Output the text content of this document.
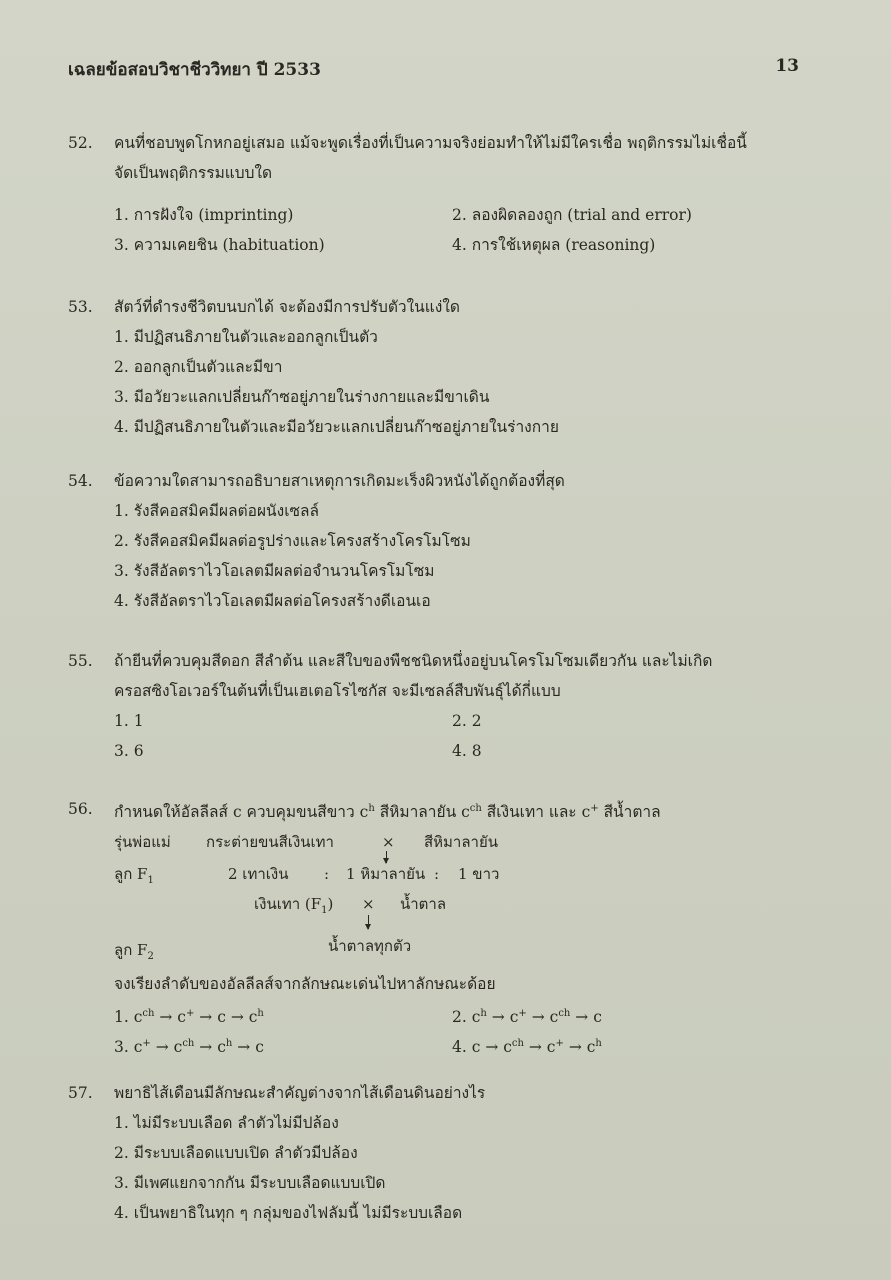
เฉลยข้อสอบวิชาชีววิทยา ปี 2533	13
52. คนที่ชอบพูดโกหกอยู่เสมอ แม้จะพูดเรื่องที่เป็นความจริงย่อมทำให้ไม่มีใครเชื่อ พฤติกรรมไม่เชื่อนี้
จัดเป็นพฤติกรรมแบบใด
1. การฝังใจ (imprinting)	2. ลองผิดลองถูก (trial and error)
3. ความเคยชิน (habituation)	4. การใช้เหตุผล (reasoning)
53. สัตว์ที่ดำรงชีวิตบนบกได้ จะต้องมีการปรับตัวในแง่ใด
1. มีปฏิสนธิภายในตัวและออกลูกเป็นตัว
2. ออกลูกเป็นตัวและมีขา
3. มีอวัยวะแลกเปลี่ยนก๊าซอยู่ภายในร่างกายและมีขาเดิน
4. มีปฏิสนธิภายในตัวและมีอวัยวะแลกเปลี่ยนก๊าซอยู่ภายในร่างกาย
54. ข้อความใดสามารถอธิบายสาเหตุการเกิดมะเร็งผิวหนังได้ถูกต้องที่สุด
1. รังสีคอสมิคมีผลต่อผนังเซลล์
2. รังสีคอสมิคมีผลต่อรูปร่างและโครงสร้างโครโมโซม
3. รังสีอัลตราไวโอเลตมีผลต่อจำนวนโครโมโซม
4. รังสีอัลตราไวโอเลตมีผลต่อโครงสร้างดีเอนเอ
55. ถ้ายีนที่ควบคุมสีดอก สีลำต้น และสีใบของพืชชนิดหนึ่งอยู่บนโครโมโซมเดียวกัน และไม่เกิด
ครอสซิงโอเวอร์ในต้นที่เป็นเฮเตอโรไซกัส จะมีเซลล์สืบพันธุ์ได้กี่แบบ
1. 1	2. 2
3. 6	4. 8
56. กำหนดให้อัลลีลส์ c ควบคุมขนสีขาว $c^h$ สีหิมาลายัน $c^{ch}$ สีเงินเทา และ c+ สีน้ำตาล
รุ่นพ่อแม่ กระต่ายขนสีเงินเทา	× สีหิมาลายัน
ลูก $F_1$	2 เทาเงิน : 1 หิมาลายัน : 1 ขาว
เงินเทา $(F_1)$ × น้ำตาล
ลูก $F_2$
น้ำตาลทุกตัว
จงเรียงลำดับของอัลลีลส์จากลักษณะเด่นไปหาลักษณะด้อย
1. $c^{ch} \to c^+ \to c \to c^h$	2. $c^h \to c^+ \to c^{ch} \to c$
3. $c^+ \to c^{ch} \to c^h \to c$	4. $c \to c^{ch} \to c^+ \to c^h$
57. พยาธิไส้เดือนมีลักษณะสำคัญต่างจากไส้เดือนดินอย่างไร
1. ไม่มีระบบเลือด ลำตัวไม่มีปล้อง
2. มีระบบเลือดแบบเปิด ลำตัวมีปล้อง
3. มีเพศแยกจากกัน มีระบบเลือดแบบเปิด
4. เป็นพยาธิในทุก ๆ กลุ่มของไฟลัมนี้ ไม่มีระบบเลือด
